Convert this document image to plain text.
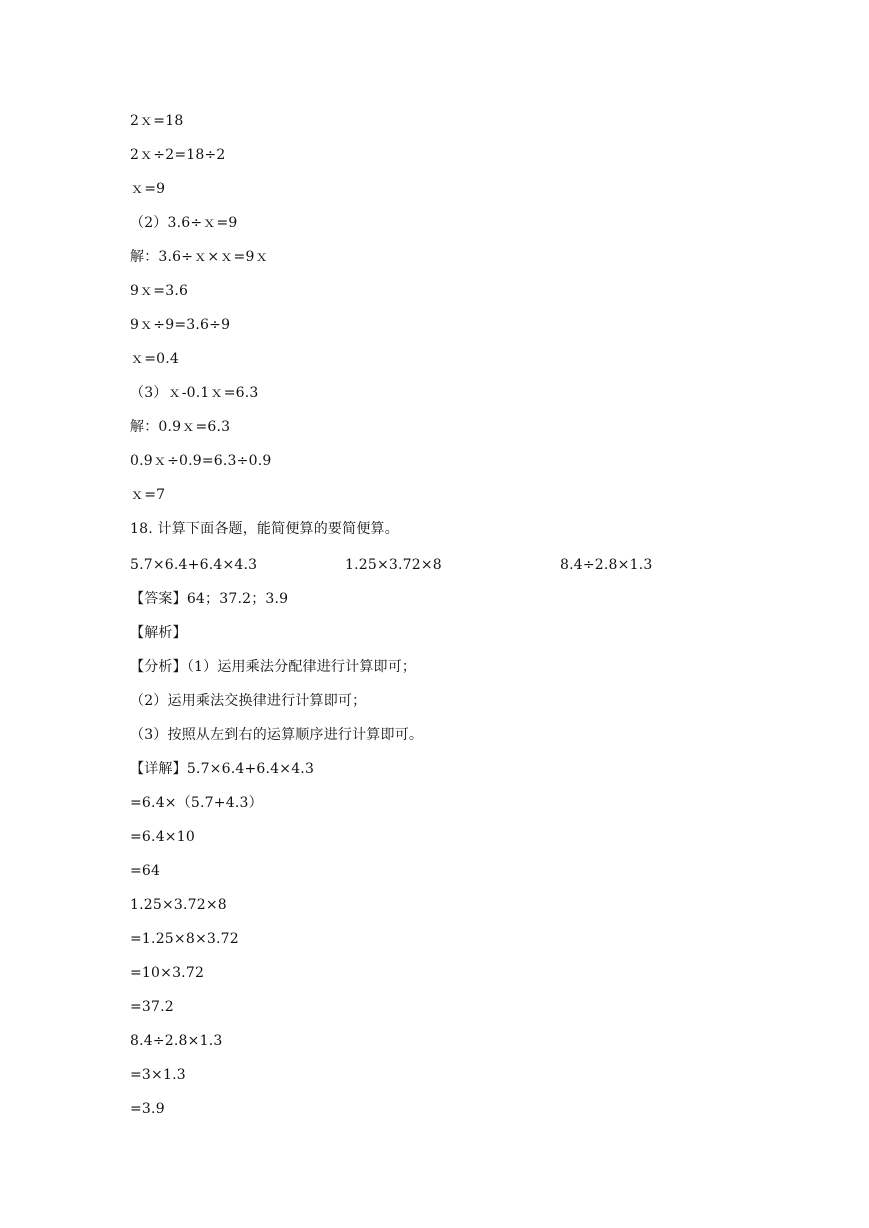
2ｘ=18
2ｘ÷2=18÷2
ｘ=9
（2）3.6÷ｘ=9
解：3.6÷ｘ×ｘ=9ｘ
9ｘ=3.6
9ｘ÷9=3.6÷9
ｘ=0.4
（3）ｘ-0.1ｘ=6.3
解：0.9ｘ=6.3
0.9ｘ÷0.9=6.3÷0.9
ｘ=7
18. 计算下面各题，能简便算的要简便算。
5.7×6.4+6.4×4.3	1.25×3.72×8	8.4÷2.8×1.3
【答案】64；37.2；3.9
【解析】
【分析】（1）运用乘法分配律进行计算即可；
（2）运用乘法交换律进行计算即可；
（3）按照从左到右的运算顺序进行计算即可。
【详解】5.7×6.4+6.4×4.3
=6.4×（5.7+4.3）
=6.4×10
=64
1.25×3.72×8
=1.25×8×3.72
=10×3.72
=37.2
8.4÷2.8×1.3
=3×1.3
=3.9
